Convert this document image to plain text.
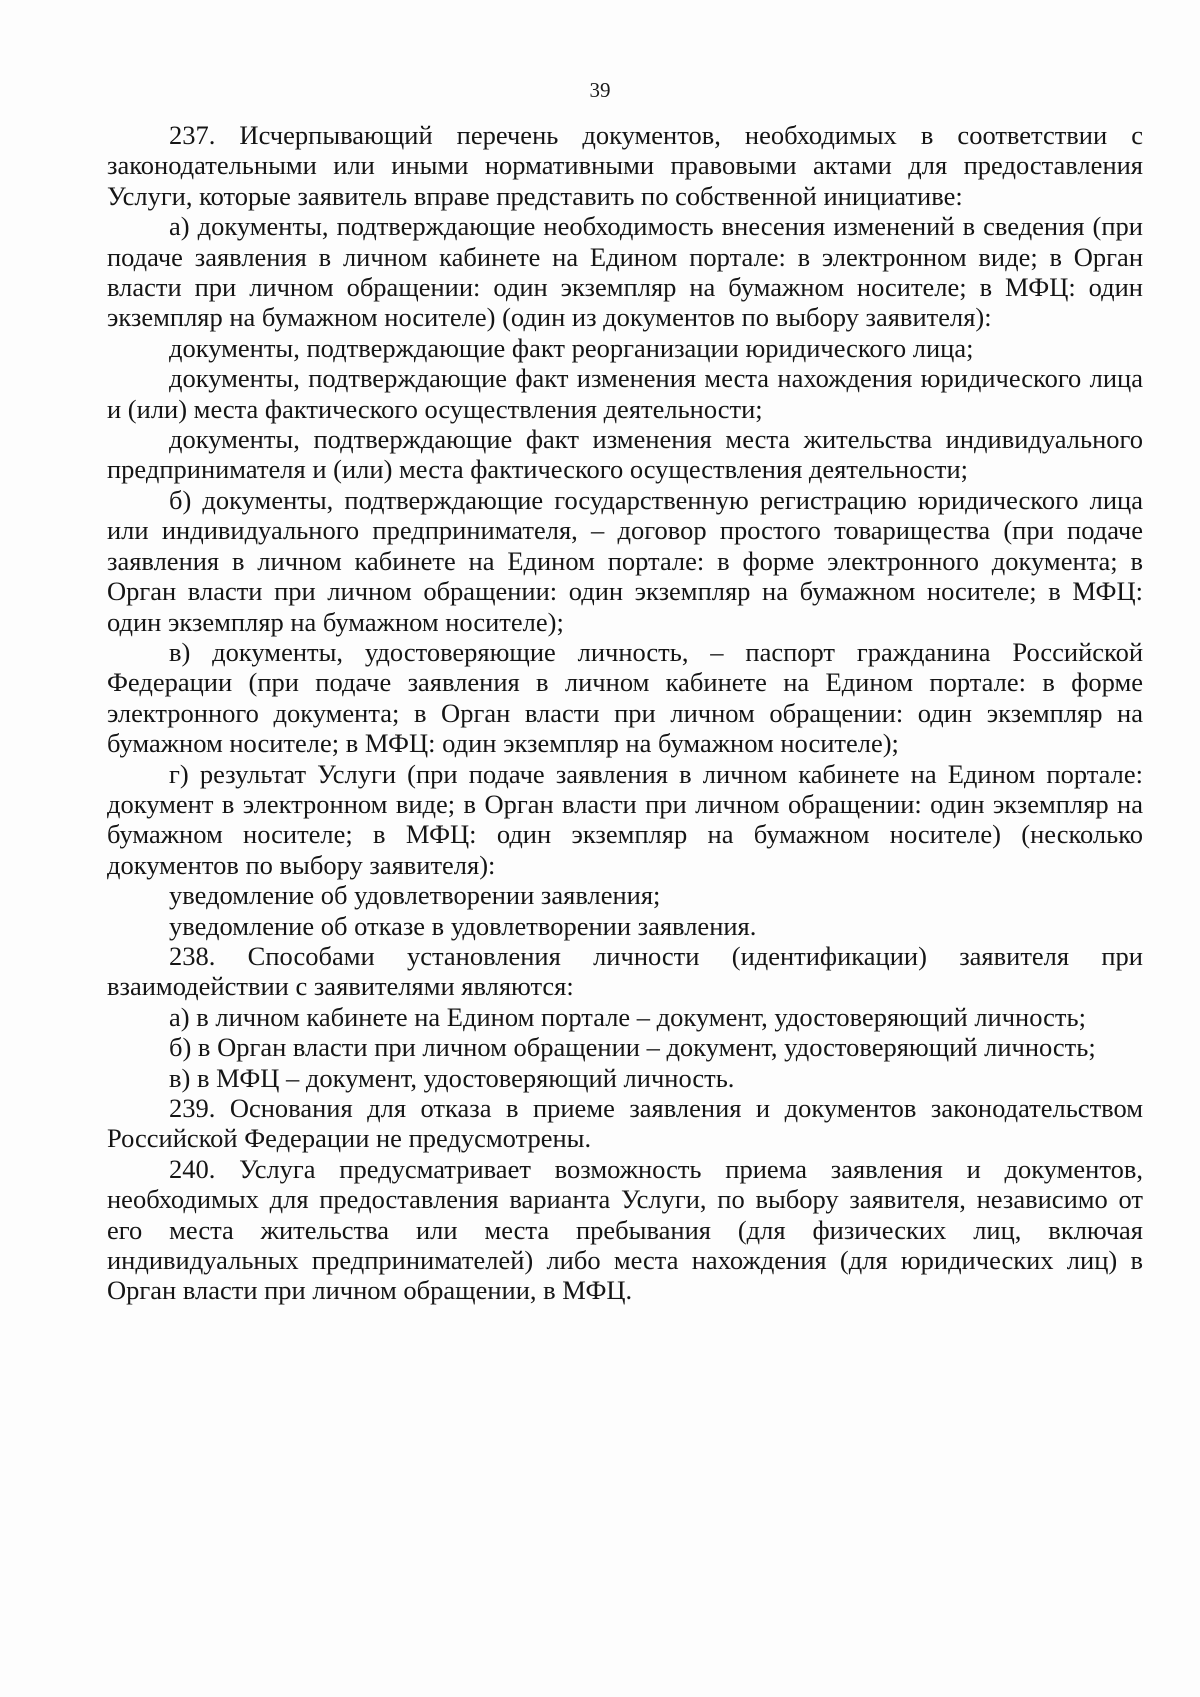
39

237. Исчерпывающий перечень документов, необходимых в соответствии с законодательными или иными нормативными правовыми актами для предоставления Услуги, которые заявитель вправе представить по собственной инициативе:

а) документы, подтверждающие необходимость внесения изменений в сведения (при подаче заявления в личном кабинете на Едином портале: в электронном виде; в Орган власти при личном обращении: один экземпляр на бумажном носителе; в МФЦ: один экземпляр на бумажном носителе) (один из документов по выбору заявителя):

документы, подтверждающие факт реорганизации юридического лица;

документы, подтверждающие факт изменения места нахождения юридического лица и (или) места фактического осуществления деятельности;

документы, подтверждающие факт изменения места жительства индивидуального предпринимателя и (или) места фактического осуществления деятельности;

б) документы, подтверждающие государственную регистрацию юридического лица или индивидуального предпринимателя, – договор простого товарищества (при подаче заявления в личном кабинете на Едином портале: в форме электронного документа; в Орган власти при личном обращении: один экземпляр на бумажном носителе; в МФЦ: один экземпляр на бумажном носителе);

в) документы, удостоверяющие личность, – паспорт гражданина Российской Федерации (при подаче заявления в личном кабинете на Едином портале: в форме электронного документа; в Орган власти при личном обращении: один экземпляр на бумажном носителе; в МФЦ: один экземпляр на бумажном носителе);

г) результат Услуги (при подаче заявления в личном кабинете на Едином портале: документ в электронном виде; в Орган власти при личном обращении: один экземпляр на бумажном носителе; в МФЦ: один экземпляр на бумажном носителе) (несколько документов по выбору заявителя):

уведомление об удовлетворении заявления;

уведомление об отказе в удовлетворении заявления.

238. Способами установления личности (идентификации) заявителя при взаимодействии с заявителями являются:

а) в личном кабинете на Едином портале – документ, удостоверяющий личность;

б) в Орган власти при личном обращении – документ, удостоверяющий личность;

в) в МФЦ – документ, удостоверяющий личность.

239. Основания для отказа в приеме заявления и документов законодательством Российской Федерации не предусмотрены.

240. Услуга предусматривает возможность приема заявления и документов, необходимых для предоставления варианта Услуги, по выбору заявителя, независимо от его места жительства или места пребывания (для физических лиц, включая индивидуальных предпринимателей) либо места нахождения (для юридических лиц) в Орган власти при личном обращении, в МФЦ.
